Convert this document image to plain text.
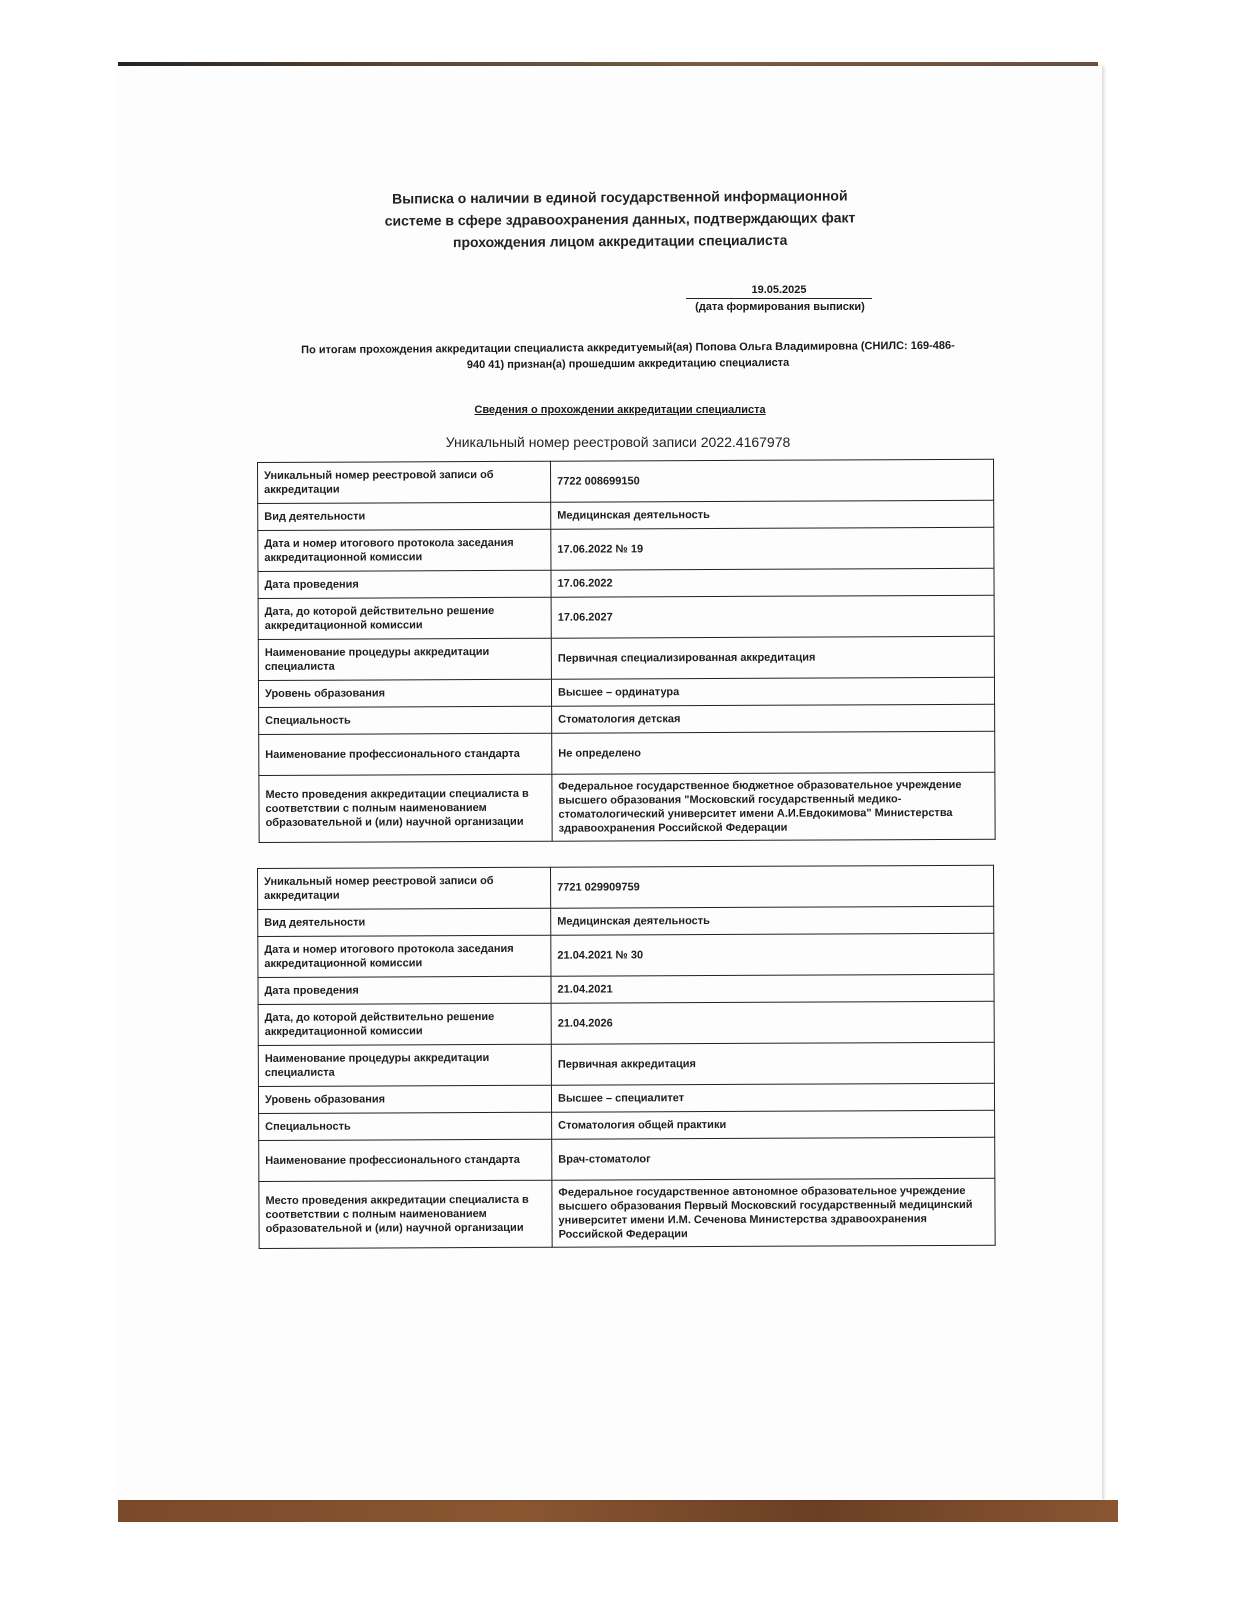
Выписка о наличии в единой государственной информационной
системе в сфере здравоохранения данных, подтверждающих факт
прохождения лицом аккредитации специалиста
19.05.2025
(дата формирования выписки)
По итогам прохождения аккредитации специалиста аккредитуемый(ая) Попова Ольга Владимировна (СНИЛС: 169-486-
940 41) признан(а) прошедшим аккредитацию специалиста
Сведения о прохождении аккредитации специалиста
Уникальный номер реестровой записи 2022.4167978
Уникальный номер реестровой записи об аккредитации	7722 008699150
Вид деятельности	Медицинская деятельность
Дата и номер итогового протокола заседания аккредитационной комиссии	17.06.2022 № 19
Дата проведения	17.06.2022
Дата, до которой действительно решение аккредитационной комиссии	17.06.2027
Наименование процедуры аккредитации специалиста	Первичная специализированная аккредитация
Уровень образования	Высшее – ординатура
Специальность	Стоматология детская
Наименование профессионального стандарта	Не определено
Место проведения аккредитации специалиста в соответствии с полным наименованием образовательной и (или) научной организации	Федеральное государственное бюджетное образовательное учреждение высшего образования "Московский государственный медико-стоматологический университет имени А.И.Евдокимова" Министерства здравоохранения Российской Федерации
Уникальный номер реестровой записи об аккредитации	7721 029909759
Вид деятельности	Медицинская деятельность
Дата и номер итогового протокола заседания аккредитационной комиссии	21.04.2021 № 30
Дата проведения	21.04.2021
Дата, до которой действительно решение аккредитационной комиссии	21.04.2026
Наименование процедуры аккредитации специалиста	Первичная аккредитация
Уровень образования	Высшее – специалитет
Специальность	Стоматология общей практики
Наименование профессионального стандарта	Врач-стоматолог
Место проведения аккредитации специалиста в соответствии с полным наименованием образовательной и (или) научной организации	Федеральное государственное автономное образовательное учреждение высшего образования Первый Московский государственный медицинский университет имени И.М. Сеченова Министерства здравоохранения Российской Федерации
